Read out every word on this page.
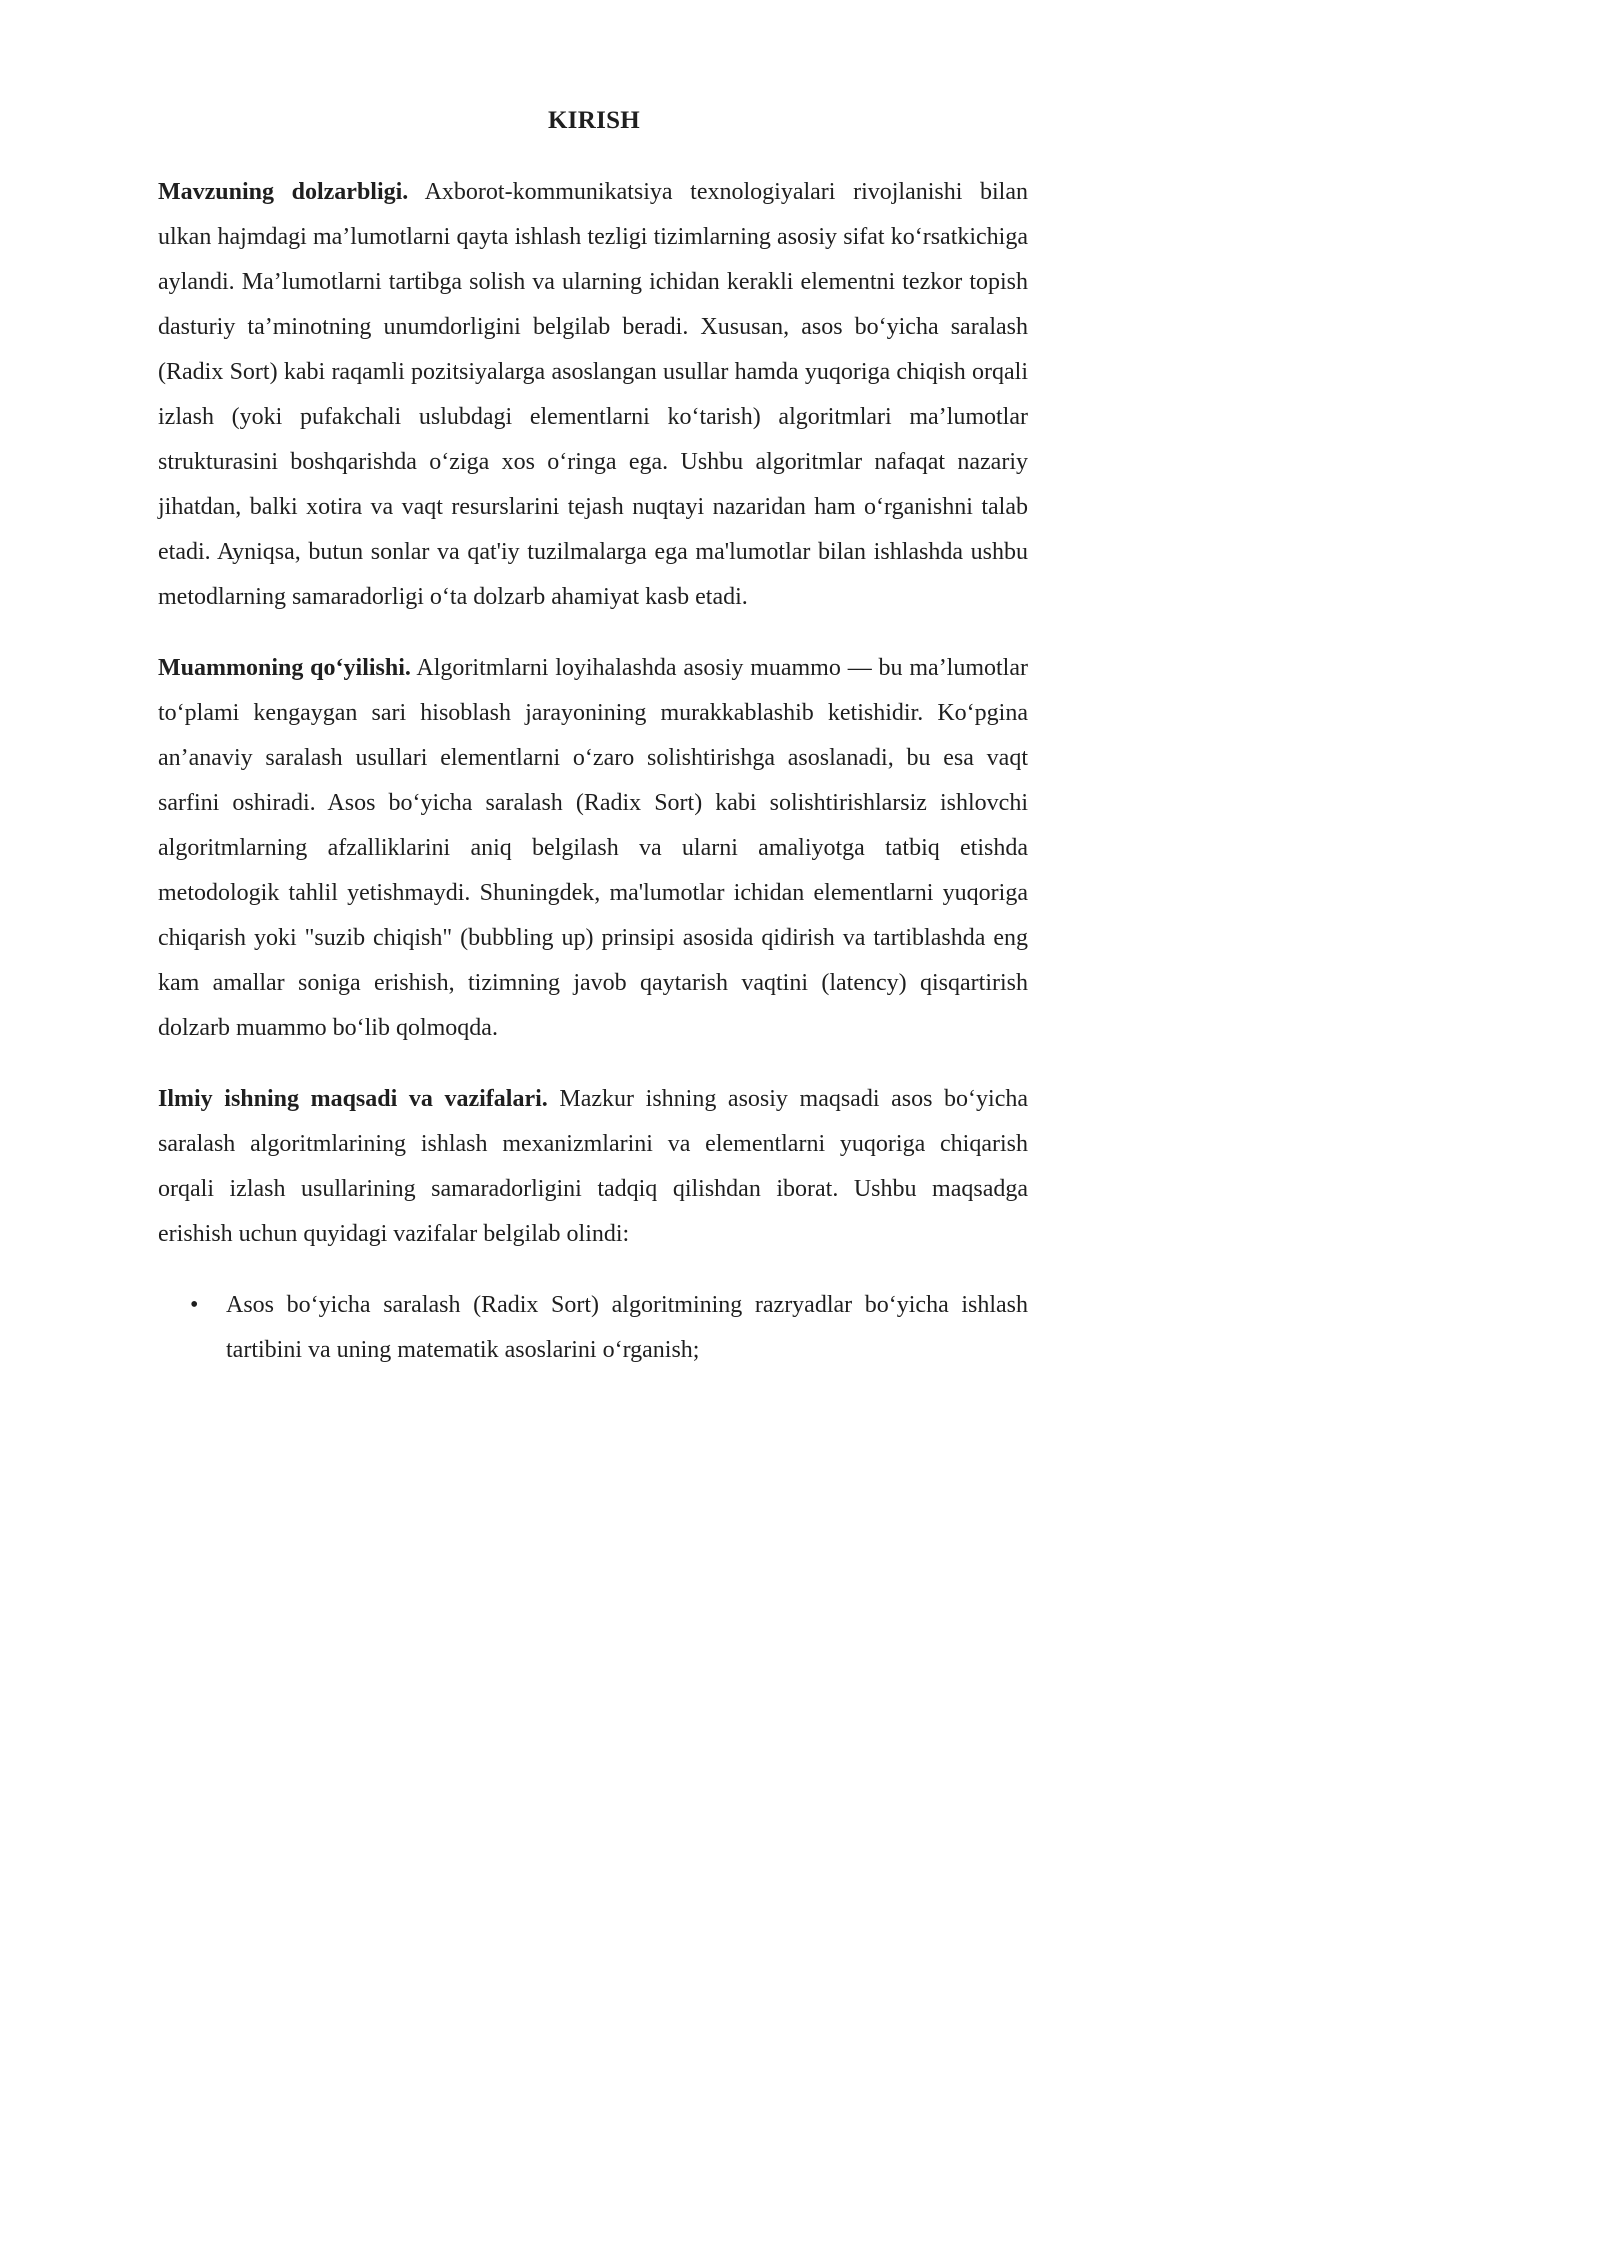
KIRISH

Mavzuning dolzarbligi. Axborot-kommunikatsiya texnologiyalari rivojlanishi bilan ulkan hajmdagi ma’lumotlarni qayta ishlash tezligi tizimlarning asosiy sifat ko‘rsatkichiga aylandi. Ma’lumotlarni tartibga solish va ularning ichidan kerakli elementni tezkor topish dasturiy ta’minotning unumdorligini belgilab beradi. Xususan, asos bo‘yicha saralash (Radix Sort) kabi raqamli pozitsiyalarga asoslangan usullar hamda yuqoriga chiqish orqali izlash (yoki pufakchali uslubdagi elementlarni ko‘tarish) algoritmlari ma’lumotlar strukturasini boshqarishda o‘ziga xos o‘ringa ega. Ushbu algoritmlar nafaqat nazariy jihatdan, balki xotira va vaqt resurslarini tejash nuqtayi nazaridan ham o‘rganishni talab etadi. Ayniqsa, butun sonlar va qat'iy tuzilmalarga ega ma'lumotlar bilan ishlashda ushbu metodlarning samaradorligi o‘ta dolzarb ahamiyat kasb etadi.

Muammoning qo‘yilishi. Algoritmlarni loyihalashda asosiy muammo — bu ma’lumotlar to‘plami kengaygan sari hisoblash jarayonining murakkablashib ketishidir. Ko‘pgina an’anaviy saralash usullari elementlarni o‘zaro solishtirishga asoslanadi, bu esa vaqt sarfini oshiradi. Asos bo‘yicha saralash (Radix Sort) kabi solishtirishlarsiz ishlovchi algoritmlarning afzalliklarini aniq belgilash va ularni amaliyotga tatbiq etishda metodologik tahlil yetishmaydi. Shuningdek, ma'lumotlar ichidan elementlarni yuqoriga chiqarish yoki "suzib chiqish" (bubbling up) prinsipi asosida qidirish va tartiblashda eng kam amallar soniga erishish, tizimning javob qaytarish vaqtini (latency) qisqartirish dolzarb muammo bo‘lib qolmoqda.

Ilmiy ishning maqsadi va vazifalari. Mazkur ishning asosiy maqsadi asos bo‘yicha saralash algoritmlarining ishlash mexanizmlarini va elementlarni yuqoriga chiqarish orqali izlash usullarining samaradorligini tadqiq qilishdan iborat. Ushbu maqsadga erishish uchun quyidagi vazifalar belgilab olindi:

•	Asos bo‘yicha saralash (Radix Sort) algoritmining razryadlar bo‘yicha ishlash tartibini va uning matematik asoslarini o‘rganish;
